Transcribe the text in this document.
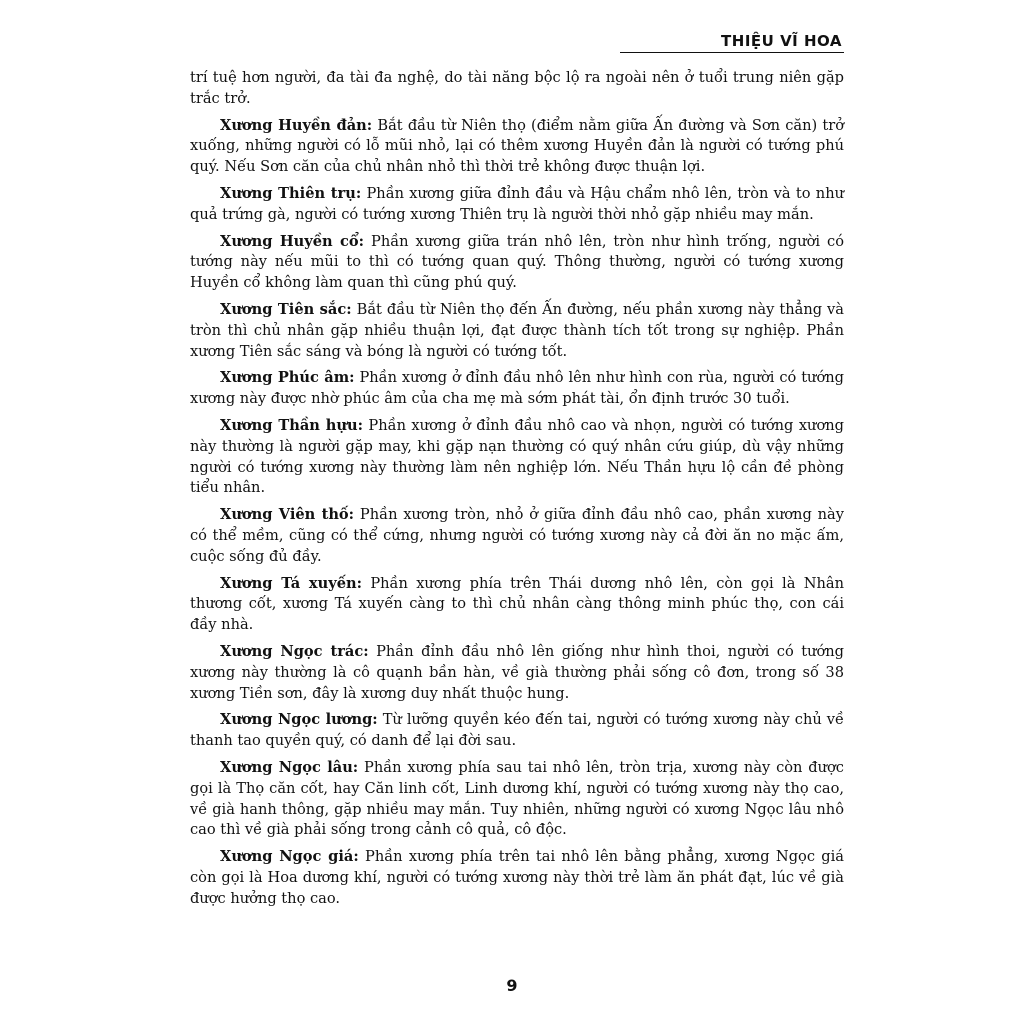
THIỆU VĨ HOA

trí tuệ hơn người, đa tài đa nghệ, do tài năng bộc lộ ra ngoài nên ở tuổi trung niên gặp trắc trở.

Xương Huyền đản: Bắt đầu từ Niên thọ (điểm nằm giữa Ấn đường và Sơn căn) trở xuống, những người có lỗ mũi nhỏ, lại có thêm xương Huyền đản là người có tướng phú quý. Nếu Sơn căn của chủ nhân nhỏ thì thời trẻ không được thuận lợi.

Xương Thiên trụ: Phần xương giữa đỉnh đầu và Hậu chẩm nhô lên, tròn và to như quả trứng gà, người có tướng xương Thiên trụ là người thời nhỏ gặp nhiều may mắn.

Xương Huyền cổ: Phần xương giữa trán nhô lên, tròn như hình trống, người có tướng này nếu mũi to thì có tướng quan quý. Thông thường, người có tướng xương Huyền cổ không làm quan thì cũng phú quý.

Xương Tiên sắc: Bắt đầu từ Niên thọ đến Ấn đường, nếu phần xương này thẳng và tròn thì chủ nhân gặp nhiều thuận lợi, đạt được thành tích tốt trong sự nghiệp. Phần xương Tiên sắc sáng và bóng là người có tướng tốt.

Xương Phúc âm: Phần xương ở đỉnh đầu nhô lên như hình con rùa, người có tướng xương này được nhờ phúc âm của cha mẹ mà sớm phát tài, ổn định trước 30 tuổi.

Xương Thần hựu: Phần xương ở đỉnh đầu nhô cao và nhọn, người có tướng xương này thường là người gặp may, khi gặp nạn thường có quý nhân cứu giúp, dù vậy những người có tướng xương này thường làm nên nghiệp lớn. Nếu Thần hựu lộ cần đề phòng tiểu nhân.

Xương Viên thố: Phần xương tròn, nhỏ ở giữa đỉnh đầu nhô cao, phần xương này có thể mềm, cũng có thể cứng, nhưng người có tướng xương này cả đời ăn no mặc ấm, cuộc sống đủ đầy.

Xương Tá xuyến: Phần xương phía trên Thái dương nhô lên, còn gọi là Nhân thương cốt, xương Tá xuyến càng to thì chủ nhân càng thông minh phúc thọ, con cái đầy nhà.

Xương Ngọc trác: Phần đỉnh đầu nhô lên giống như hình thoi, người có tướng xương này thường là cô quạnh bần hàn, về già thường phải sống cô đơn, trong số 38 xương Tiền sơn, đây là xương duy nhất thuộc hung.

Xương Ngọc lương: Từ lưỡng quyền kéo đến tai, người có tướng xương này chủ về thanh tao quyền quý, có danh để lại đời sau.

Xương Ngọc lâu: Phần xương phía sau tai nhô lên, tròn trịa, xương này còn được gọi là Thọ căn cốt, hay Căn linh cốt, Linh dương khí, người có tướng xương này thọ cao, về già hanh thông, gặp nhiều may mắn. Tuy nhiên, những người có xương Ngọc lâu nhô cao thì về già phải sống trong cảnh cô quả, cô độc.

Xương Ngọc giá: Phần xương phía trên tai nhô lên bằng phẳng, xương Ngọc giá còn gọi là Hoa dương khí, người có tướng xương này thời trẻ làm ăn phát đạt, lúc về già được hưởng thọ cao.

9
